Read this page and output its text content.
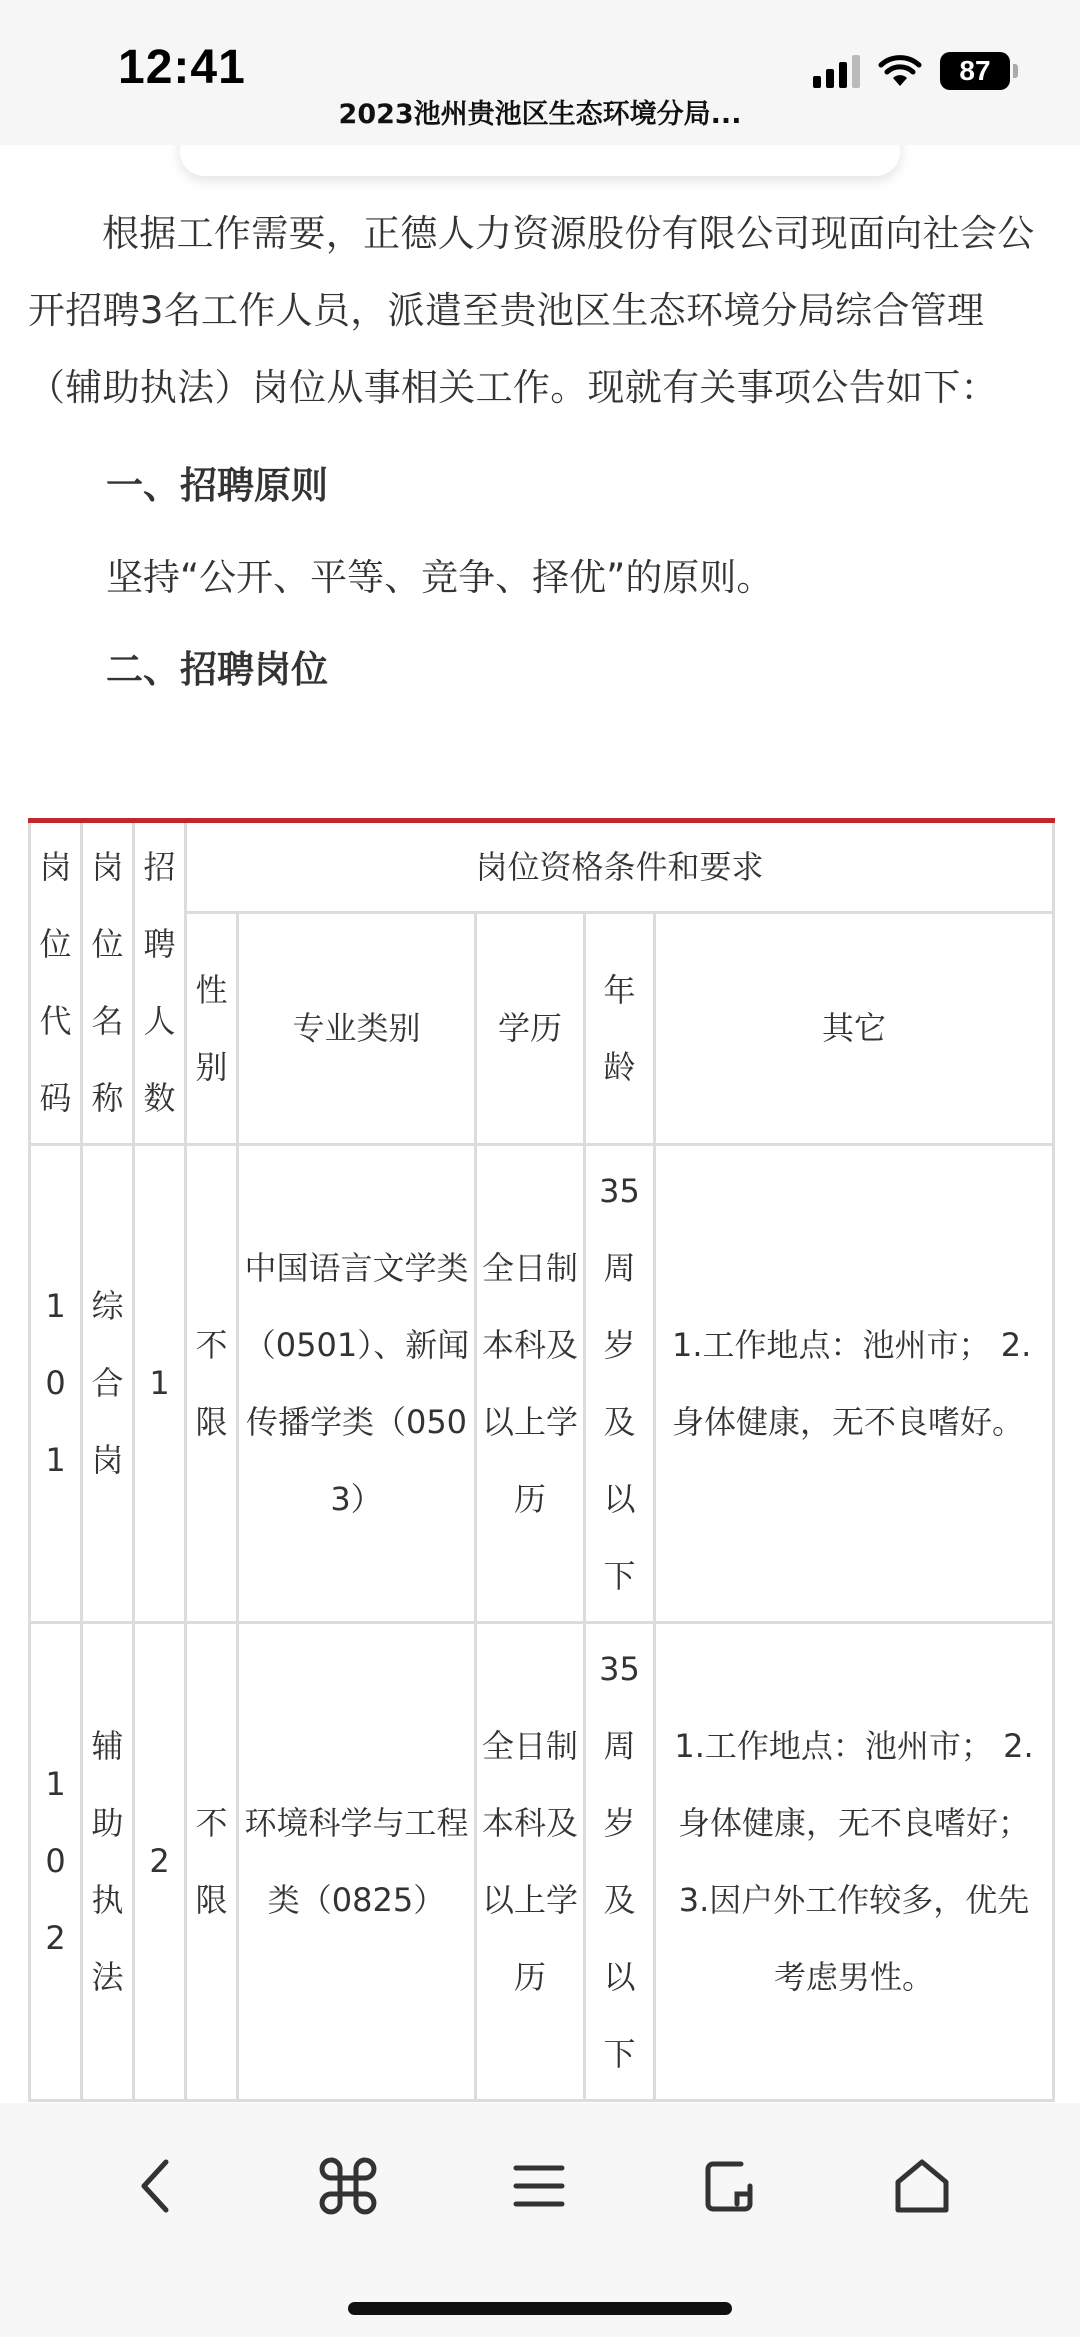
12:41	87
2023池州贵池区生态环境分局...

根据工作需要，正德人力资源股份有限公司现面向社会公开招聘3名工作人员，派遣至贵池区生态环境分局综合管理（辅助执法）岗位从事相关工作。现就有关事项公告如下：

一、招聘原则

坚持“公开、平等、竞争、择优”的原则。

二、招聘岗位

岗位代码	岗位名称	招聘人数	岗位资格条件和要求				
			性别	专业类别	学历	年龄	其它
101	综合岗	1	不限	中国语言文学类（0501）、新闻传播学类（0503）	全日制本科及以上学历	35周岁及以下	1.工作地点：池州市； 2.身体健康，无不良嗜好。
102	辅助执法	2	不限	环境科学与工程类（0825）	全日制本科及以上学历	35周岁及以下	1.工作地点：池州市； 2.身体健康，无不良嗜好；3.因户外工作较多，优先考虑男性。
